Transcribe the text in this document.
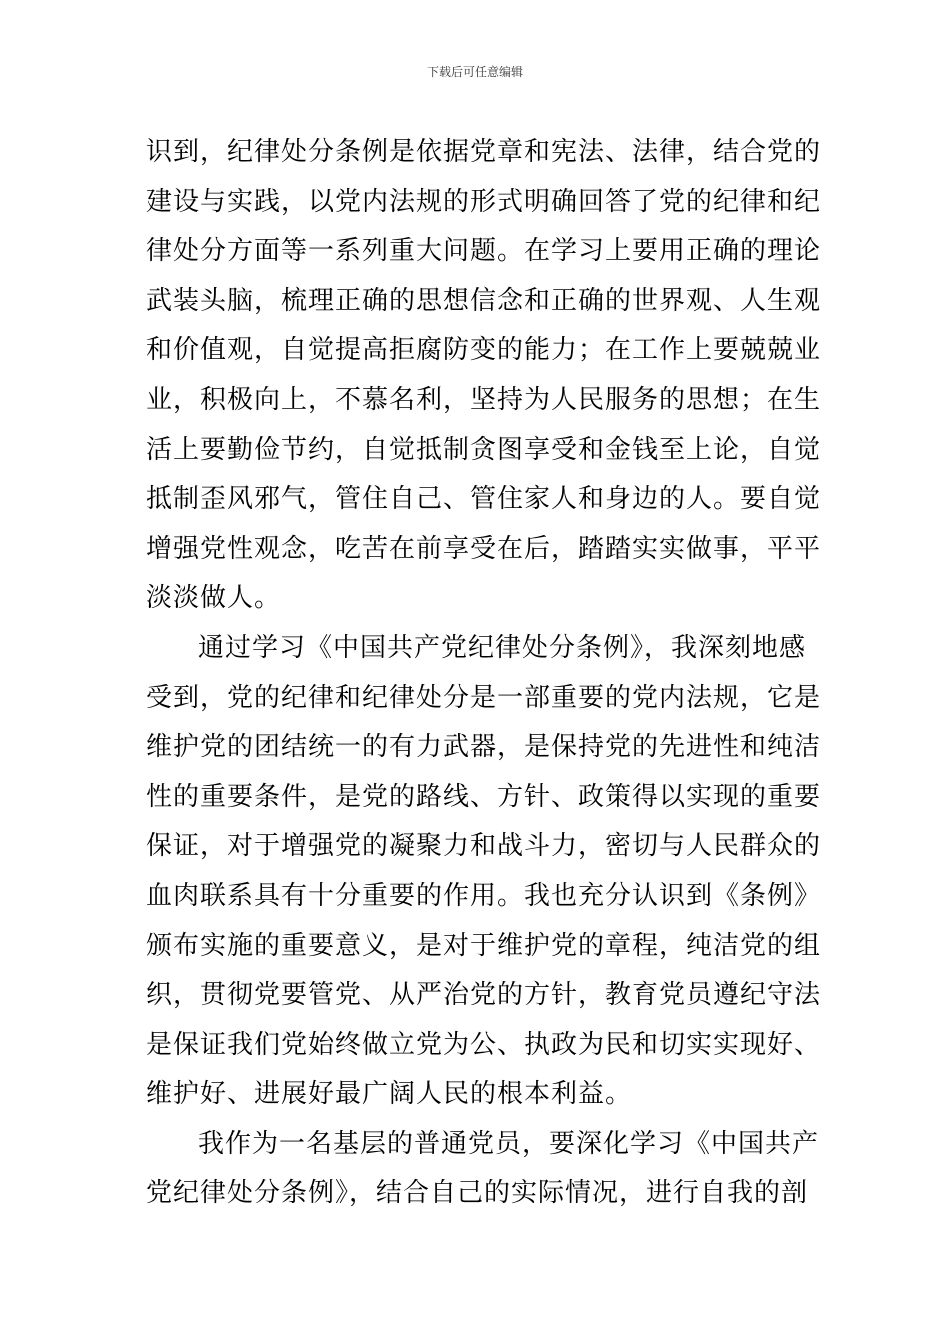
下载后可任意编辑
识到，纪律处分条例是依据党章和宪法、法律，结合党的
建设与实践，以党内法规的形式明确回答了党的纪律和纪
律处分方面等一系列重大问题。在学习上要用正确的理论
武装头脑，梳理正确的思想信念和正确的世界观、人生观
和价值观，自觉提高拒腐防变的能力；在工作上要兢兢业
业，积极向上，不慕名利，坚持为人民服务的思想；在生
活上要勤俭节约，自觉抵制贪图享受和金钱至上论，自觉
抵制歪风邪气，管住自己、管住家人和身边的人。要自觉
增强党性观念，吃苦在前享受在后，踏踏实实做事，平平
淡淡做人。
通过学习《中国共产党纪律处分条例》，我深刻地感
受到，党的纪律和纪律处分是一部重要的党内法规，它是
维护党的团结统一的有力武器，是保持党的先进性和纯洁
性的重要条件，是党的路线、方针、政策得以实现的重要
保证，对于增强党的凝聚力和战斗力，密切与人民群众的
血肉联系具有十分重要的作用。我也充分认识到《条例》
颁布实施的重要意义，是对于维护党的章程，纯洁党的组
织，贯彻党要管党、从严治党的方针，教育党员遵纪守法
是保证我们党始终做立党为公、执政为民和切实实现好、
维护好、进展好最广阔人民的根本利益。
我作为一名基层的普通党员，要深化学习《中国共产
党纪律处分条例》，结合自己的实际情况，进行自我的剖
